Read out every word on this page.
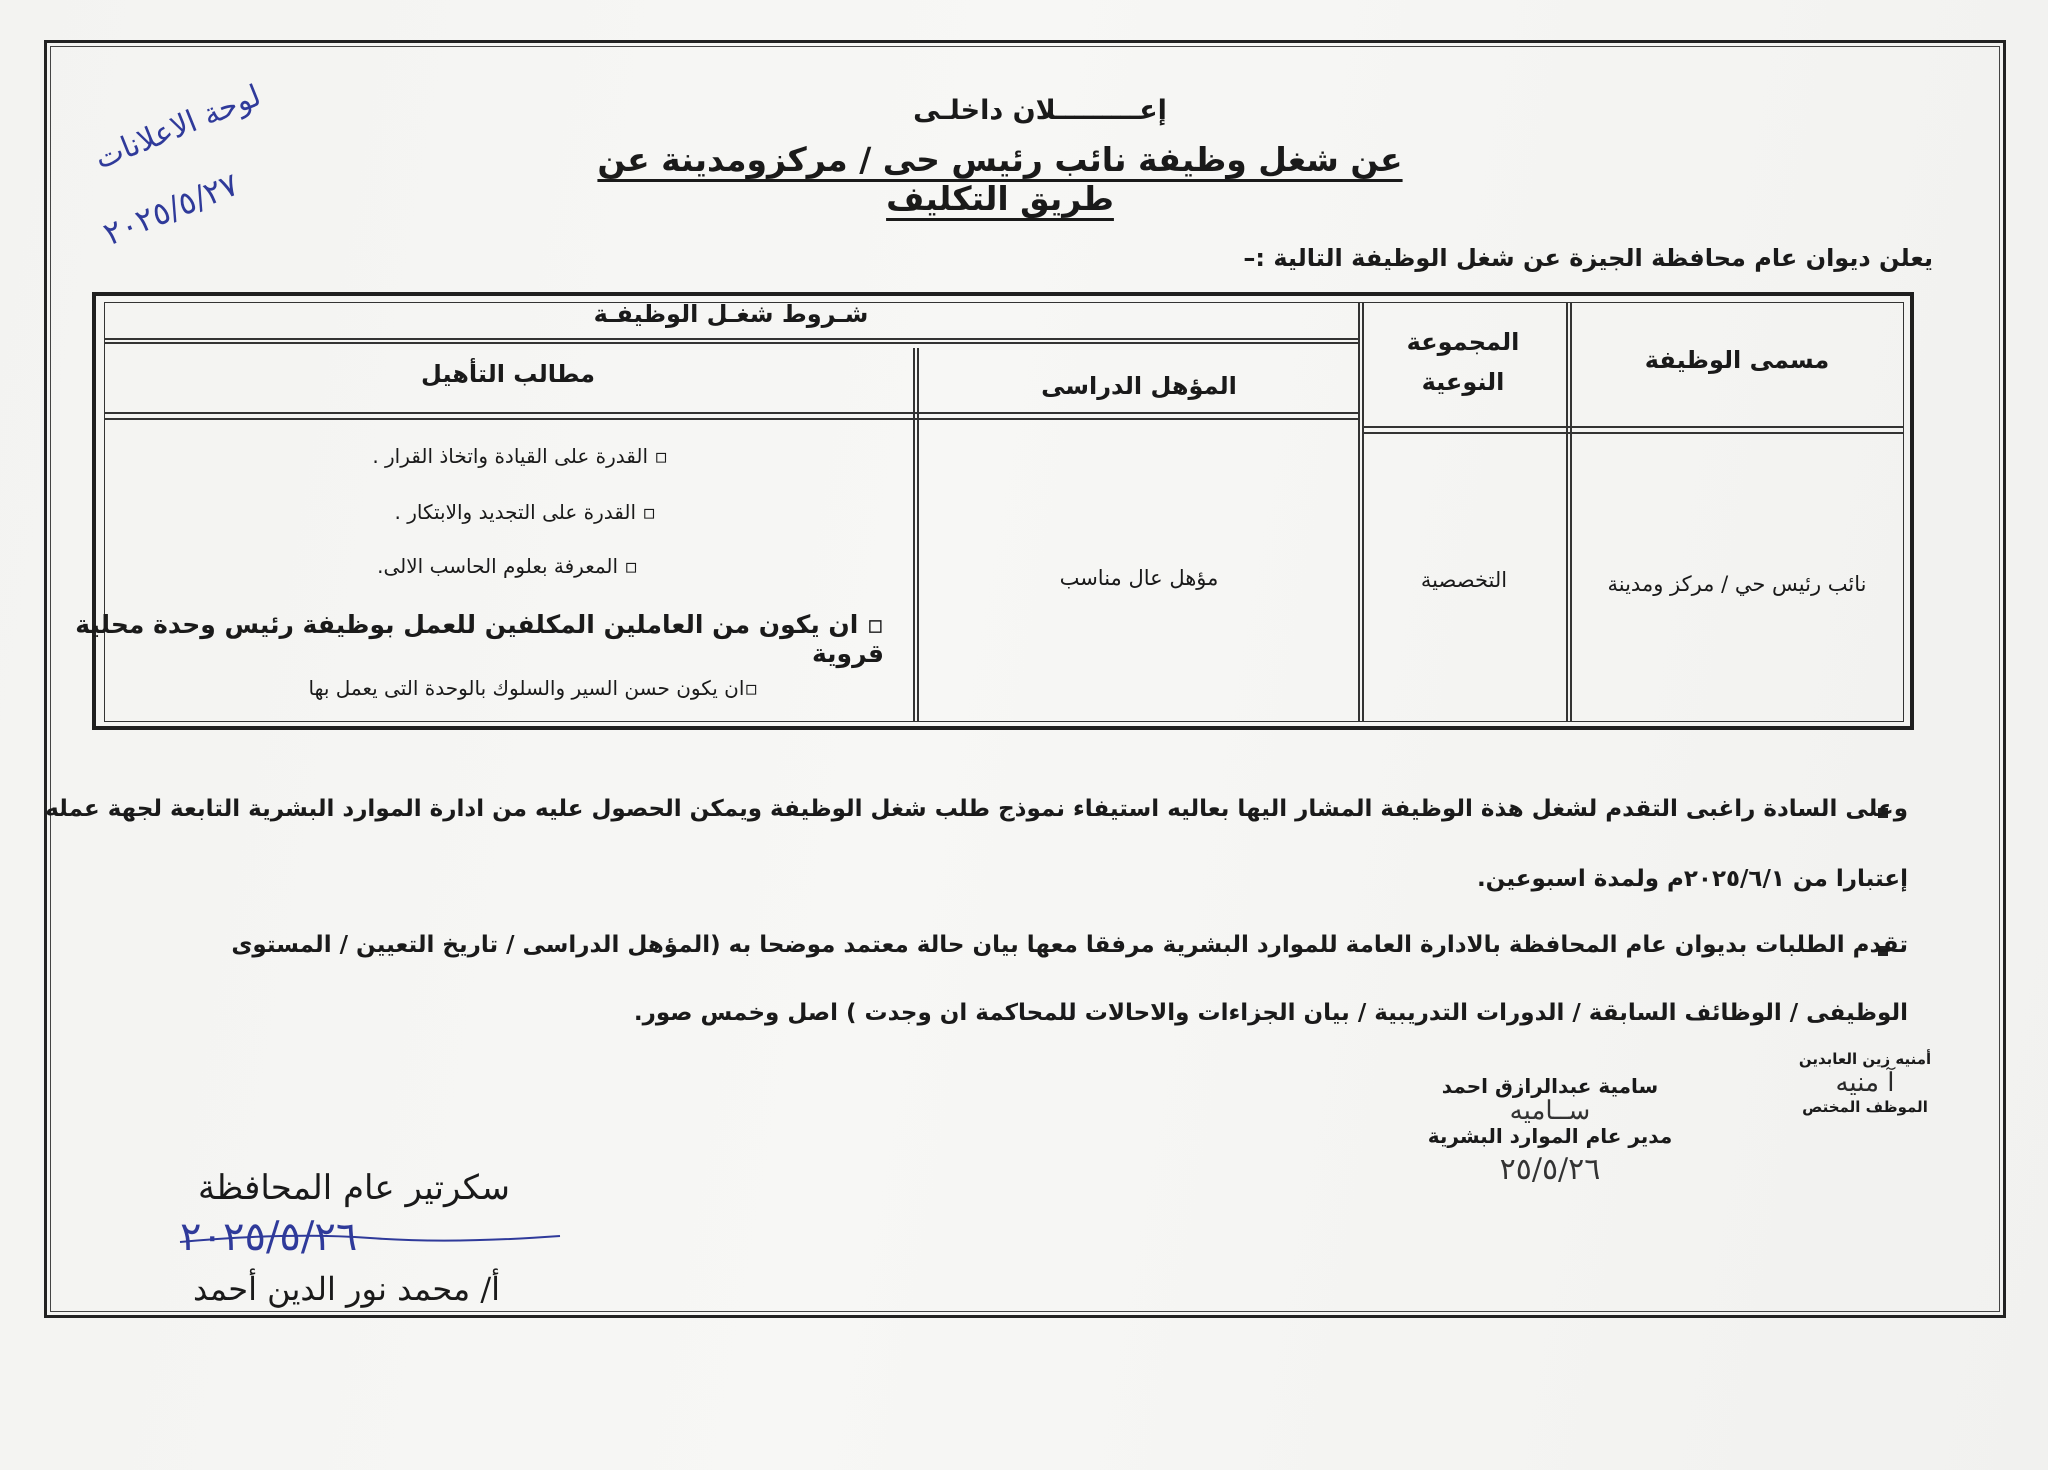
لوحة الاعلانات
٢٠٢٥/٥/٢٧
إعـــــــــلان داخلـى
عن شغل وظيفة نائب رئيس حى / مركزومدينة عن طريق التكليف
يعلن ديوان عام محافظة الجيزة عن شغل الوظيفة التالية :–
مسمى الوظيفة
المجموعة النوعية
شـروط شغـل الوظيفـة
المؤهل الدراسى
مطالب التأهيل
نائب رئيس حي / مركز ومدينة
التخصصية
مؤهل عال مناسب
▫ القدرة على القيادة واتخاذ القرار .
▫ القدرة على التجديد والابتكار .
▫ المعرفة بعلوم الحاسب الالى.
▫ ان يكون من العاملين المكلفين للعمل بوظيفة رئيس وحدة محلية قروية
▫ان يكون حسن السير والسلوك بالوحدة التى يعمل بها
وعلى السادة راغبى التقدم لشغل هذة الوظيفة المشار اليها بعاليه استيفاء نموذج طلب شغل الوظيفة ويمكن الحصول عليه من ادارة الموارد البشرية التابعة لجهة عمله
إعتبارا من ٢٠٢٥/٦/١م ولمدة اسبوعين.
تقدم الطلبات بديوان عام المحافظة بالادارة العامة للموارد البشرية مرفقا معها بيان حالة معتمد موضحا به (المؤهل الدراسى / تاريخ التعيين / المستوى
الوظيفى / الوظائف السابقة / الدورات التدريبية / بيان الجزاءات والاحالات للمحاكمة ان وجدت ) اصل وخمس صور.
أمنيه زين العابدين
آ منيه
الموظف المختص
سامية عبدالرازق احمد
ســاميه
مدير عام الموارد البشرية
٢٥/٥/٢٦
سكرتير عام المحافظة
٢٠٢٥/٥/٢٦
أ/ محمد نور الدين أحمد
